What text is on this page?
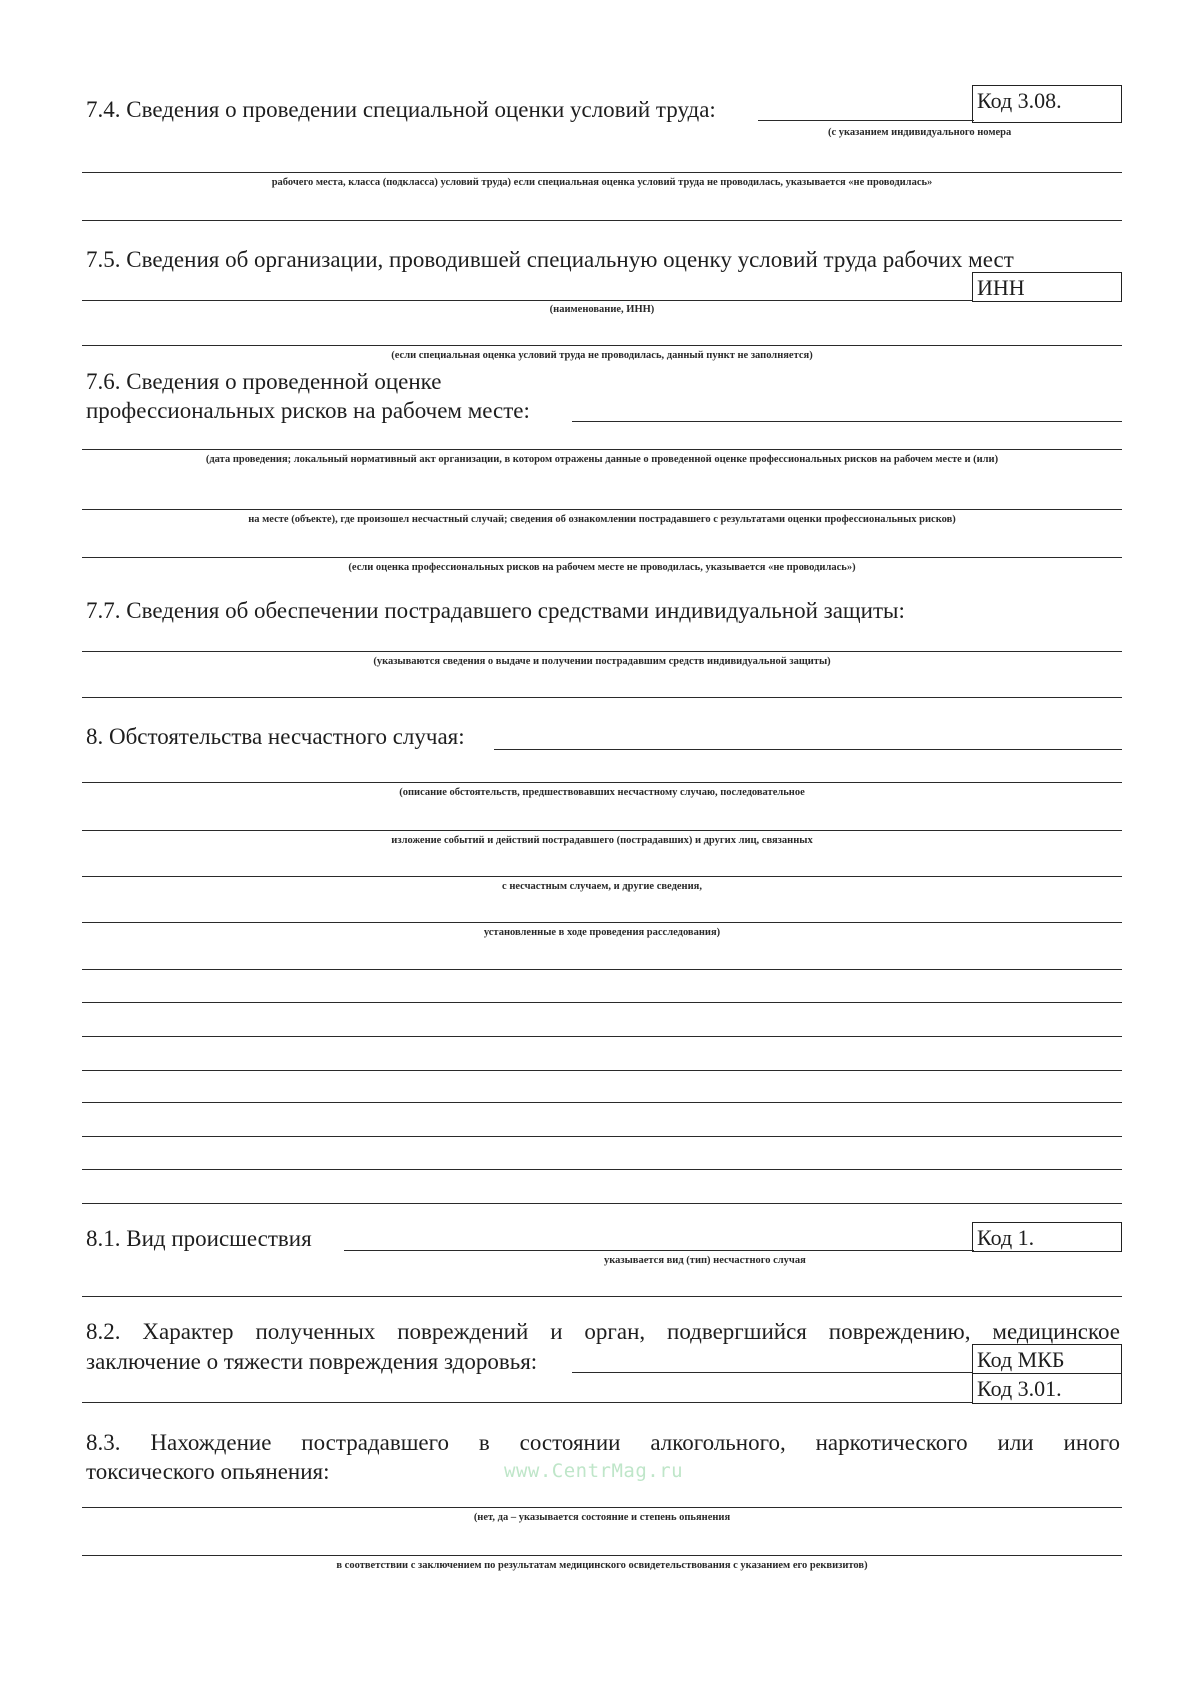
7.4. Сведения о проведении специальной оценки условий труда:	Код 3.08.
(с указанием индивидуального номера
рабочего места, класса (подкласса) условий труда) если специальная оценка условий труда не проводилась, указывается «не проводилась»
7.5. Сведения об организации, проводившей специальную оценку условий труда рабочих мест
ИНН
(наименование, ИНН)
(если специальная оценка условий труда не проводилась, данный пункт не заполняется)
7.6. Сведения о проведенной оценке
профессиональных рисков на рабочем месте:
(дата проведения; локальный нормативный акт организации, в котором отражены данные о проведенной оценке профессиональных рисков на рабочем месте и (или)
на месте (объекте), где произошел несчастный случай; сведения об ознакомлении пострадавшего с результатами оценки профессиональных рисков)
(если оценка профессиональных рисков на рабочем месте не проводилась, указывается «не проводилась»)
7.7. Сведения об обеспечении пострадавшего средствами индивидуальной защиты:
(указываются сведения о выдаче и получении пострадавшим средств индивидуальной защиты)
8. Обстоятельства несчастного случая:
(описание обстоятельств, предшествовавших несчастному случаю, последовательное
изложение событий и действий пострадавшего (пострадавших) и других лиц, связанных
с несчастным случаем, и другие сведения,
установленные в ходе проведения расследования)
8.1. Вид происшествия	Код 1.
указывается вид (тип) несчастного случая
8.2. Характер полученных повреждений и орган, подвергшийся повреждению, медицинское
заключение о тяжести повреждения здоровья:	Код МКБ
Код 3.01.
8.3. Нахождение пострадавшего в состоянии алкогольного, наркотического или иного
токсического опьянения:	www.CentrMag.ru
(нет, да – указывается состояние и степень опьянения
в соответствии с заключением по результатам медицинского освидетельствования с указанием его реквизитов)
